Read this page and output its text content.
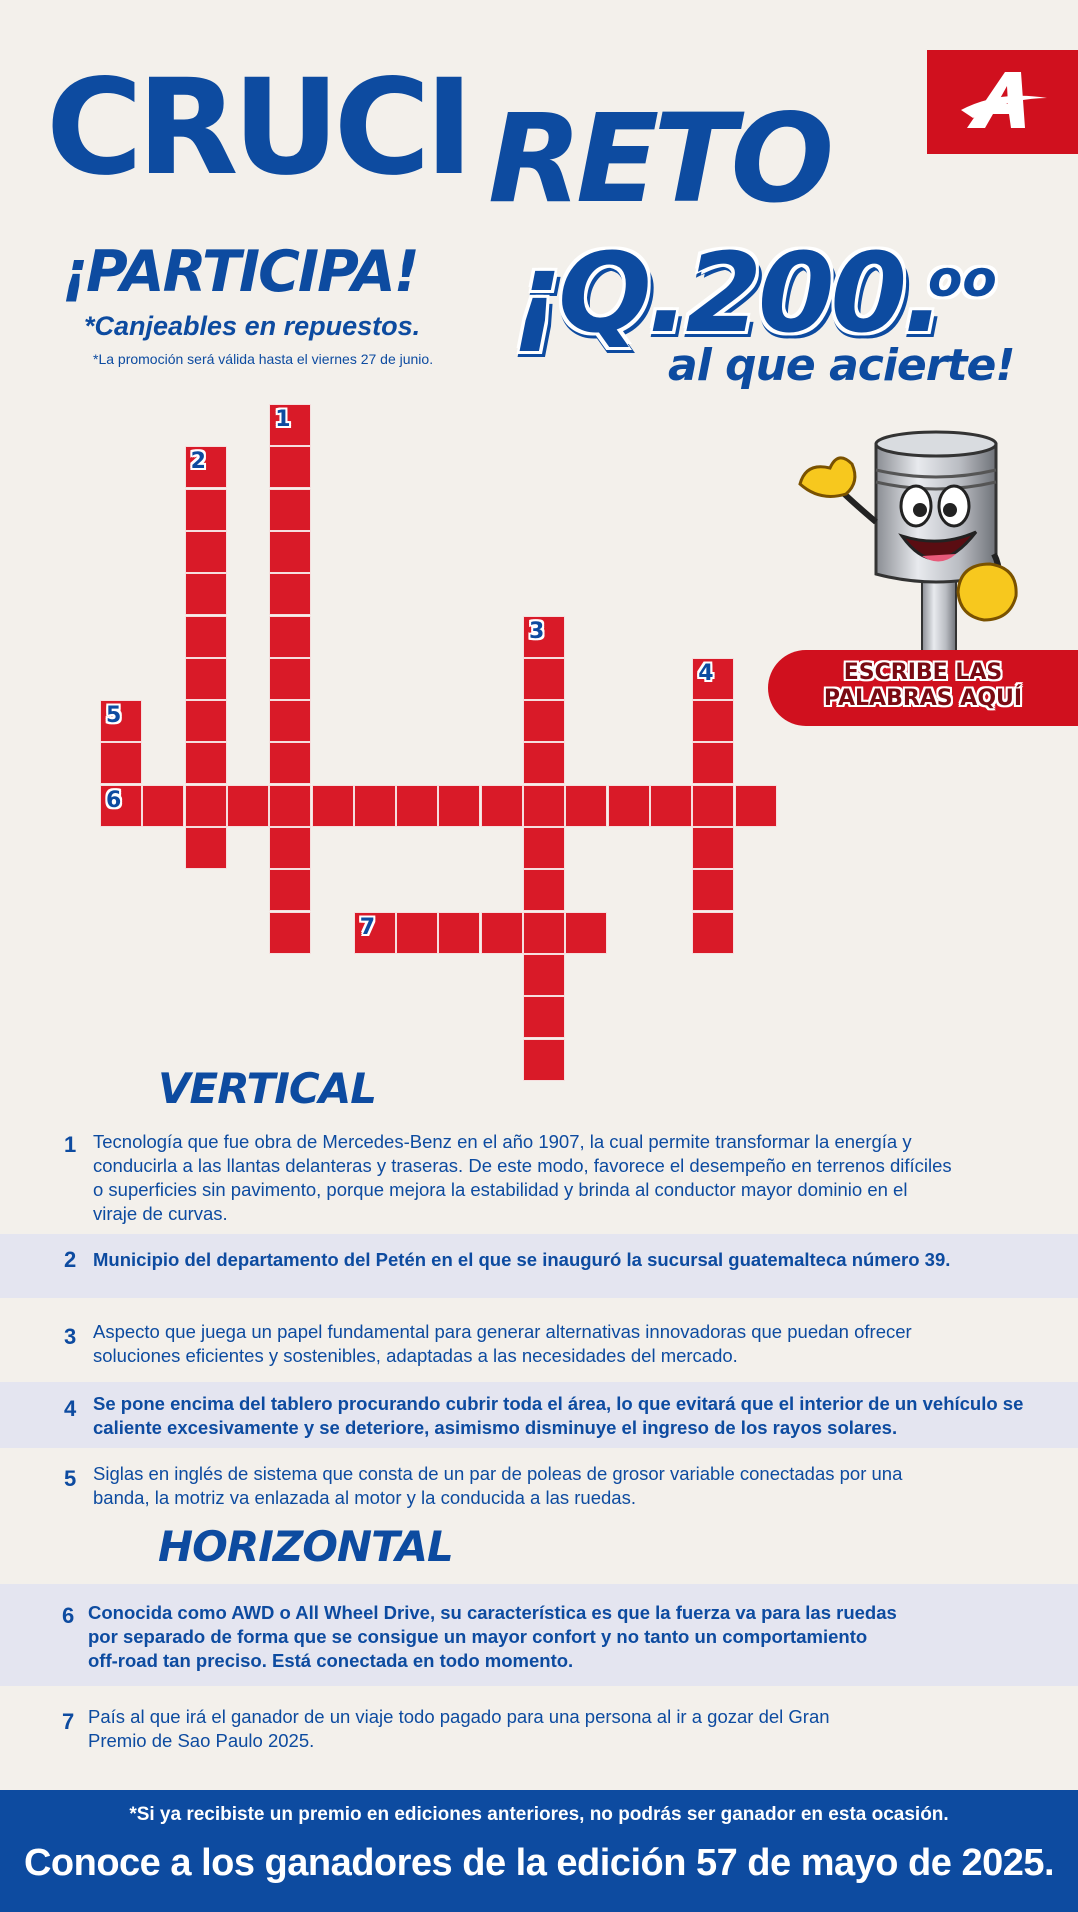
CRUCI RETO
¡PARTICIPA!
*Canjeables en repuestos.
*La promoción será válida hasta el viernes 27 de junio.
¡Q.200.
oo
al que acierte!
ESCRIBE LAS
PALABRAS AQUÍ
1
2
3
4
5
6
7
VERTICAL
1 Tecnología que fue obra de Mercedes-Benz en el año 1907, la cual permite transformar la energía y
conducirla a las llantas delanteras y traseras. De este modo, favorece el desempeño en terrenos difíciles
o superficies sin pavimento, porque mejora la estabilidad y brinda al conductor mayor dominio en el
viraje de curvas.
2 Municipio del departamento del Petén en el que se inauguró la sucursal guatemalteca número 39.
3 Aspecto que juega un papel fundamental para generar alternativas innovadoras que puedan ofrecer
soluciones eficientes y sostenibles, adaptadas a las necesidades del mercado.
4 Se pone encima del tablero procurando cubrir toda el área, lo que evitará que el interior de un vehículo se
caliente excesivamente y se deteriore, asimismo disminuye el ingreso de los rayos solares.
5 Siglas en inglés de sistema que consta de un par de poleas de grosor variable conectadas por una
banda, la motriz va enlazada al motor y la conducida a las ruedas.
HORIZONTAL
6 Conocida como AWD o All Wheel Drive, su característica es que la fuerza va para las ruedas
por separado de forma que se consigue un mayor confort y no tanto un comportamiento
off-road tan preciso. Está conectada en todo momento.
7 País al que irá el ganador de un viaje todo pagado para una persona al ir a gozar del Gran
Premio de Sao Paulo 2025.
*Si ya recibiste un premio en ediciones anteriores, no podrás ser ganador en esta ocasión.
Conoce a los ganadores de la edición 57 de mayo de 2025.
